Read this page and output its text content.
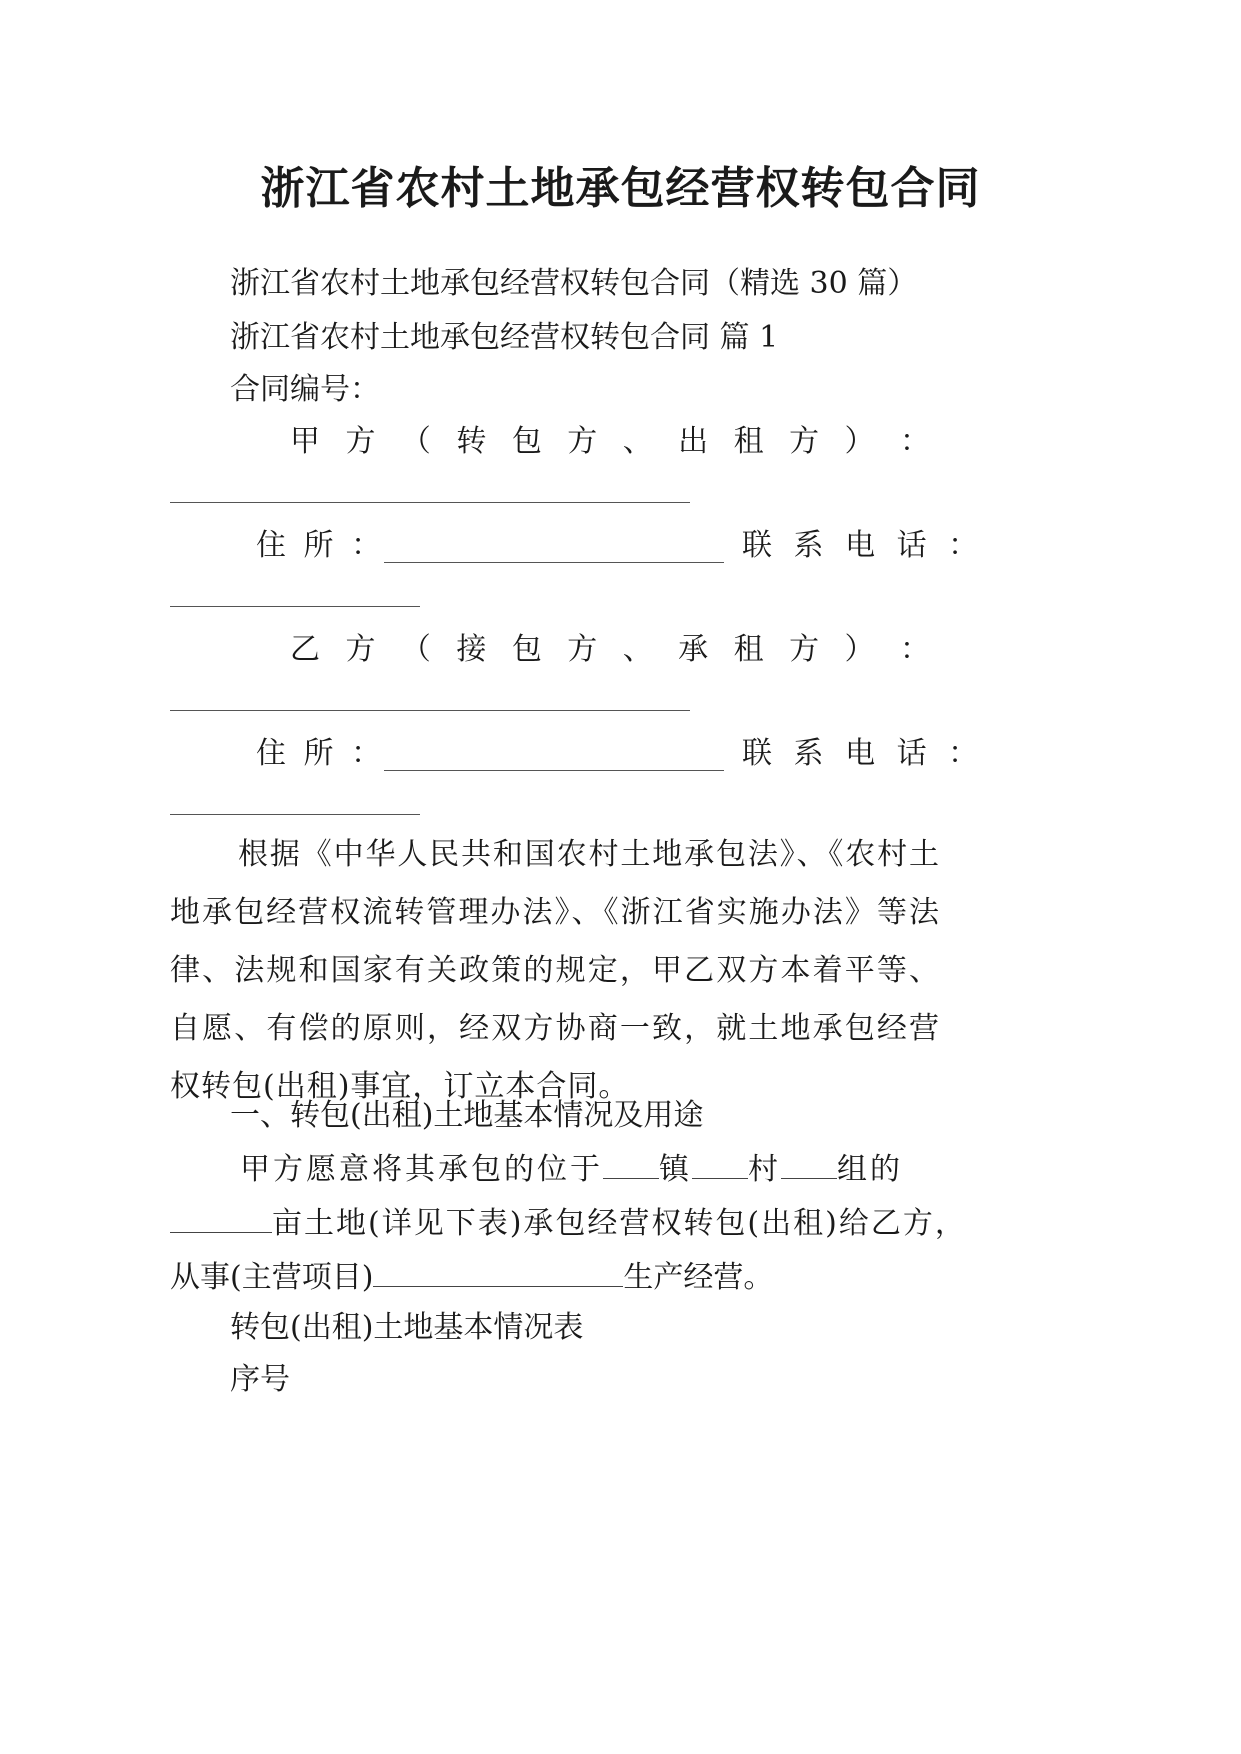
浙江省农村土地承包经营权转包合同
浙江省农村土地承包经营权转包合同（精选 30 篇）
浙江省农村土地承包经营权转包合同 篇 1
合同编号：
甲 方 （ 转 包 方 、 出 租 方 ） ：
住 所 ：	联 系 电 话 ：
乙 方 （ 接 包 方 、 承 租 方 ） ：
住 所 ：	联 系 电 话 ：
根据《中华人民共和国农村土地承包法》、《农村土地承包经营权流转管理办法》、《浙江省实施办法》等法律、法规和国家有关政策的规定，甲乙双方本着平等、自愿、有偿的原则，经双方协商一致，就土地承包经营权转包(出租)事宜，订立本合同。
一、转包(出租)土地基本情况及用途
甲方愿意将其承包的位于 镇 村 组的
亩土地(详见下表)承包经营权转包(出租)给乙方，
从事(主营项目)	生产经营。
转包(出租)土地基本情况表
序号
